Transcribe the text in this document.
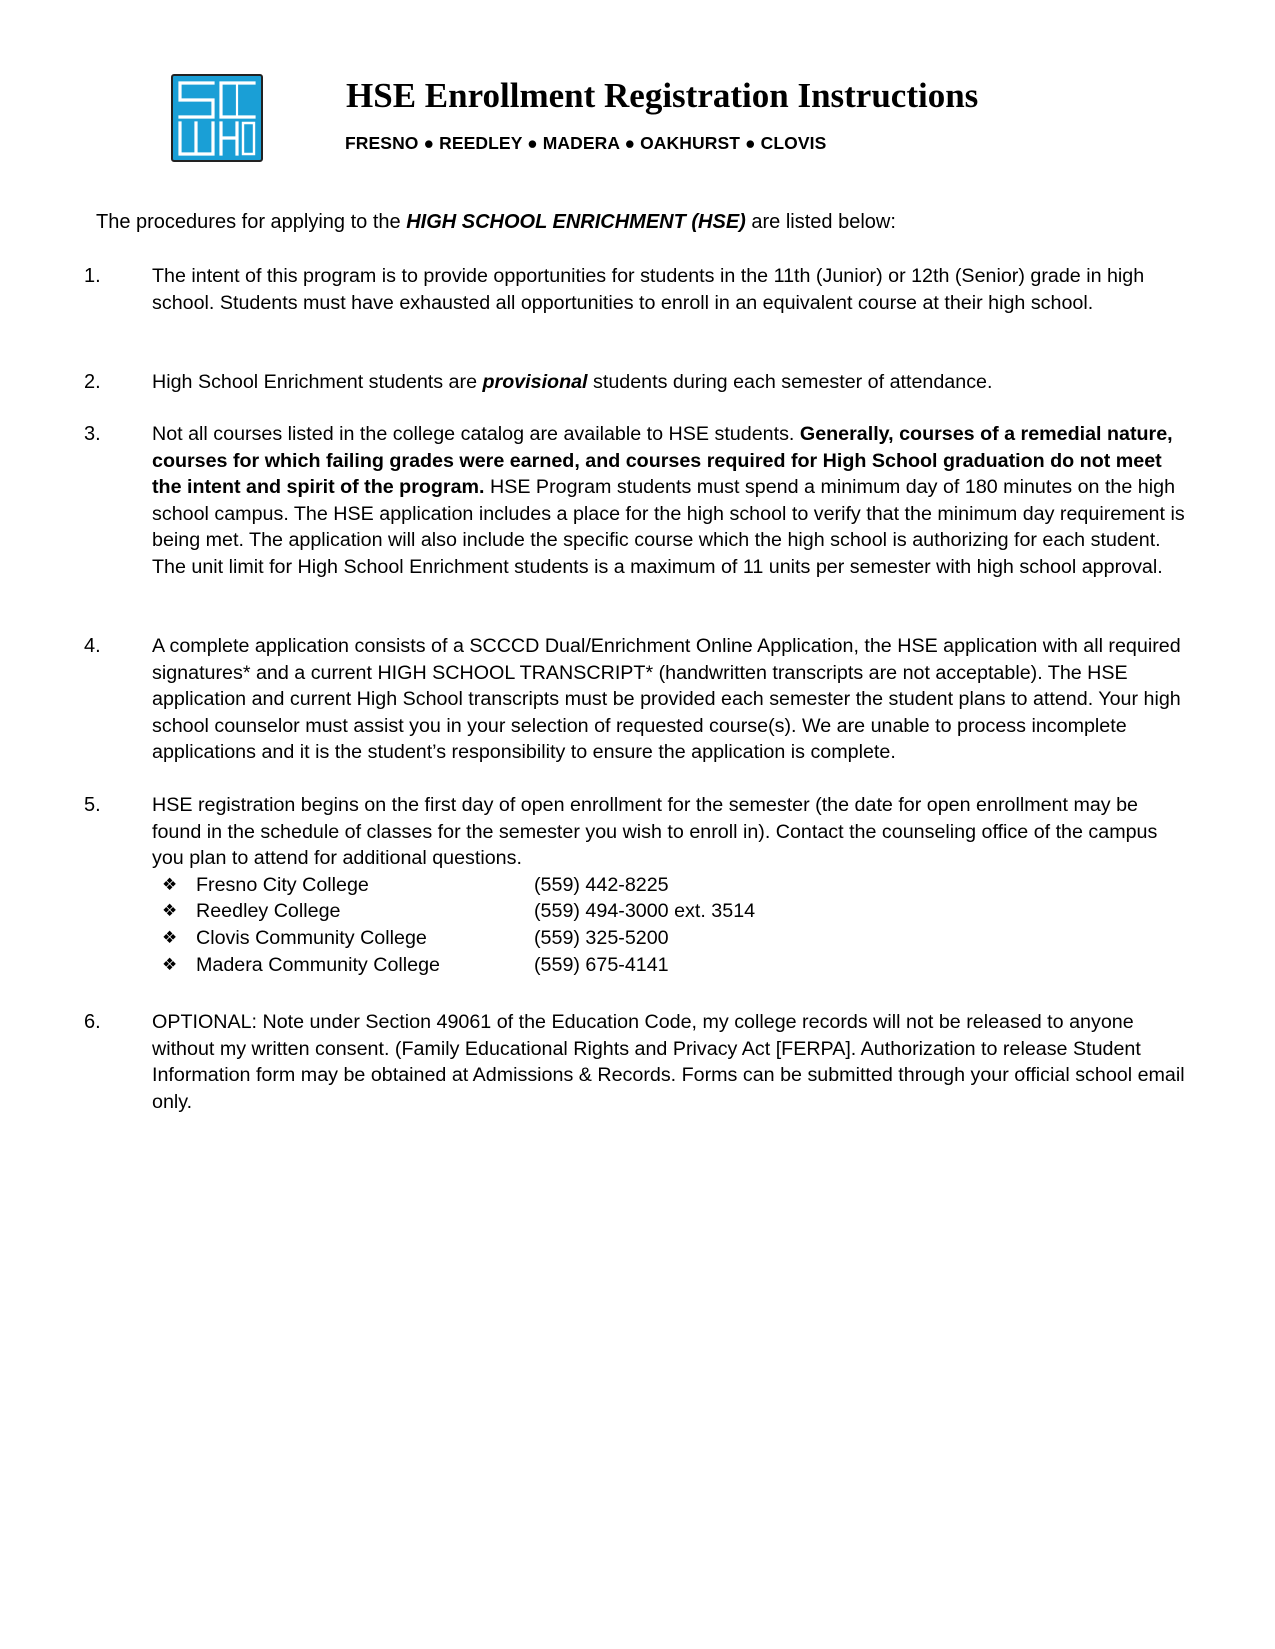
HSE Enrollment Registration Instructions
FRESNO ● REEDLEY ● MADERA ● OAKHURST ● CLOVIS

The procedures for applying to the HIGH SCHOOL ENRICHMENT (HSE) are listed below:

1.	The intent of this program is to provide opportunities for students in the 11th (Junior) or 12th (Senior) grade in high school. Students must have exhausted all opportunities to enroll in an equivalent course at their high school.
2.	High School Enrichment students are provisional students during each semester of attendance.
3.	Not all courses listed in the college catalog are available to HSE students. Generally, courses of a remedial nature, courses for which failing grades were earned, and courses required for High School graduation do not meet the intent and spirit of the program. HSE Program students must spend a minimum day of 180 minutes on the high school campus. The HSE application includes a place for the high school to verify that the minimum day requirement is being met. The application will also include the specific course which the high school is authorizing for each student. The unit limit for High School Enrichment students is a maximum of 11 units per semester with high school approval.
4.	A complete application consists of a SCCCD Dual/Enrichment Online Application, the HSE application with all required signatures* and a current HIGH SCHOOL TRANSCRIPT* (handwritten transcripts are not acceptable). The HSE application and current High School transcripts must be provided each semester the student plans to attend. Your high school counselor must assist you in your selection of requested course(s). We are unable to process incomplete applications and it is the student’s responsibility to ensure the application is complete.
5.	HSE registration begins on the first day of open enrollment for the semester (the date for open enrollment may be found in the schedule of classes for the semester you wish to enroll in). Contact the counseling office of the campus you plan to attend for additional questions.
❖ Fresno City College	(559) 442-8225
❖ Reedley College	(559) 494-3000 ext. 3514
❖ Clovis Community College	(559) 325-5200
❖ Madera Community College	(559) 675-4141
6.	OPTIONAL: Note under Section 49061 of the Education Code, my college records will not be released to anyone without my written consent. (Family Educational Rights and Privacy Act [FERPA]. Authorization to release Student Information form may be obtained at Admissions & Records. Forms can be submitted through your official school email only.
